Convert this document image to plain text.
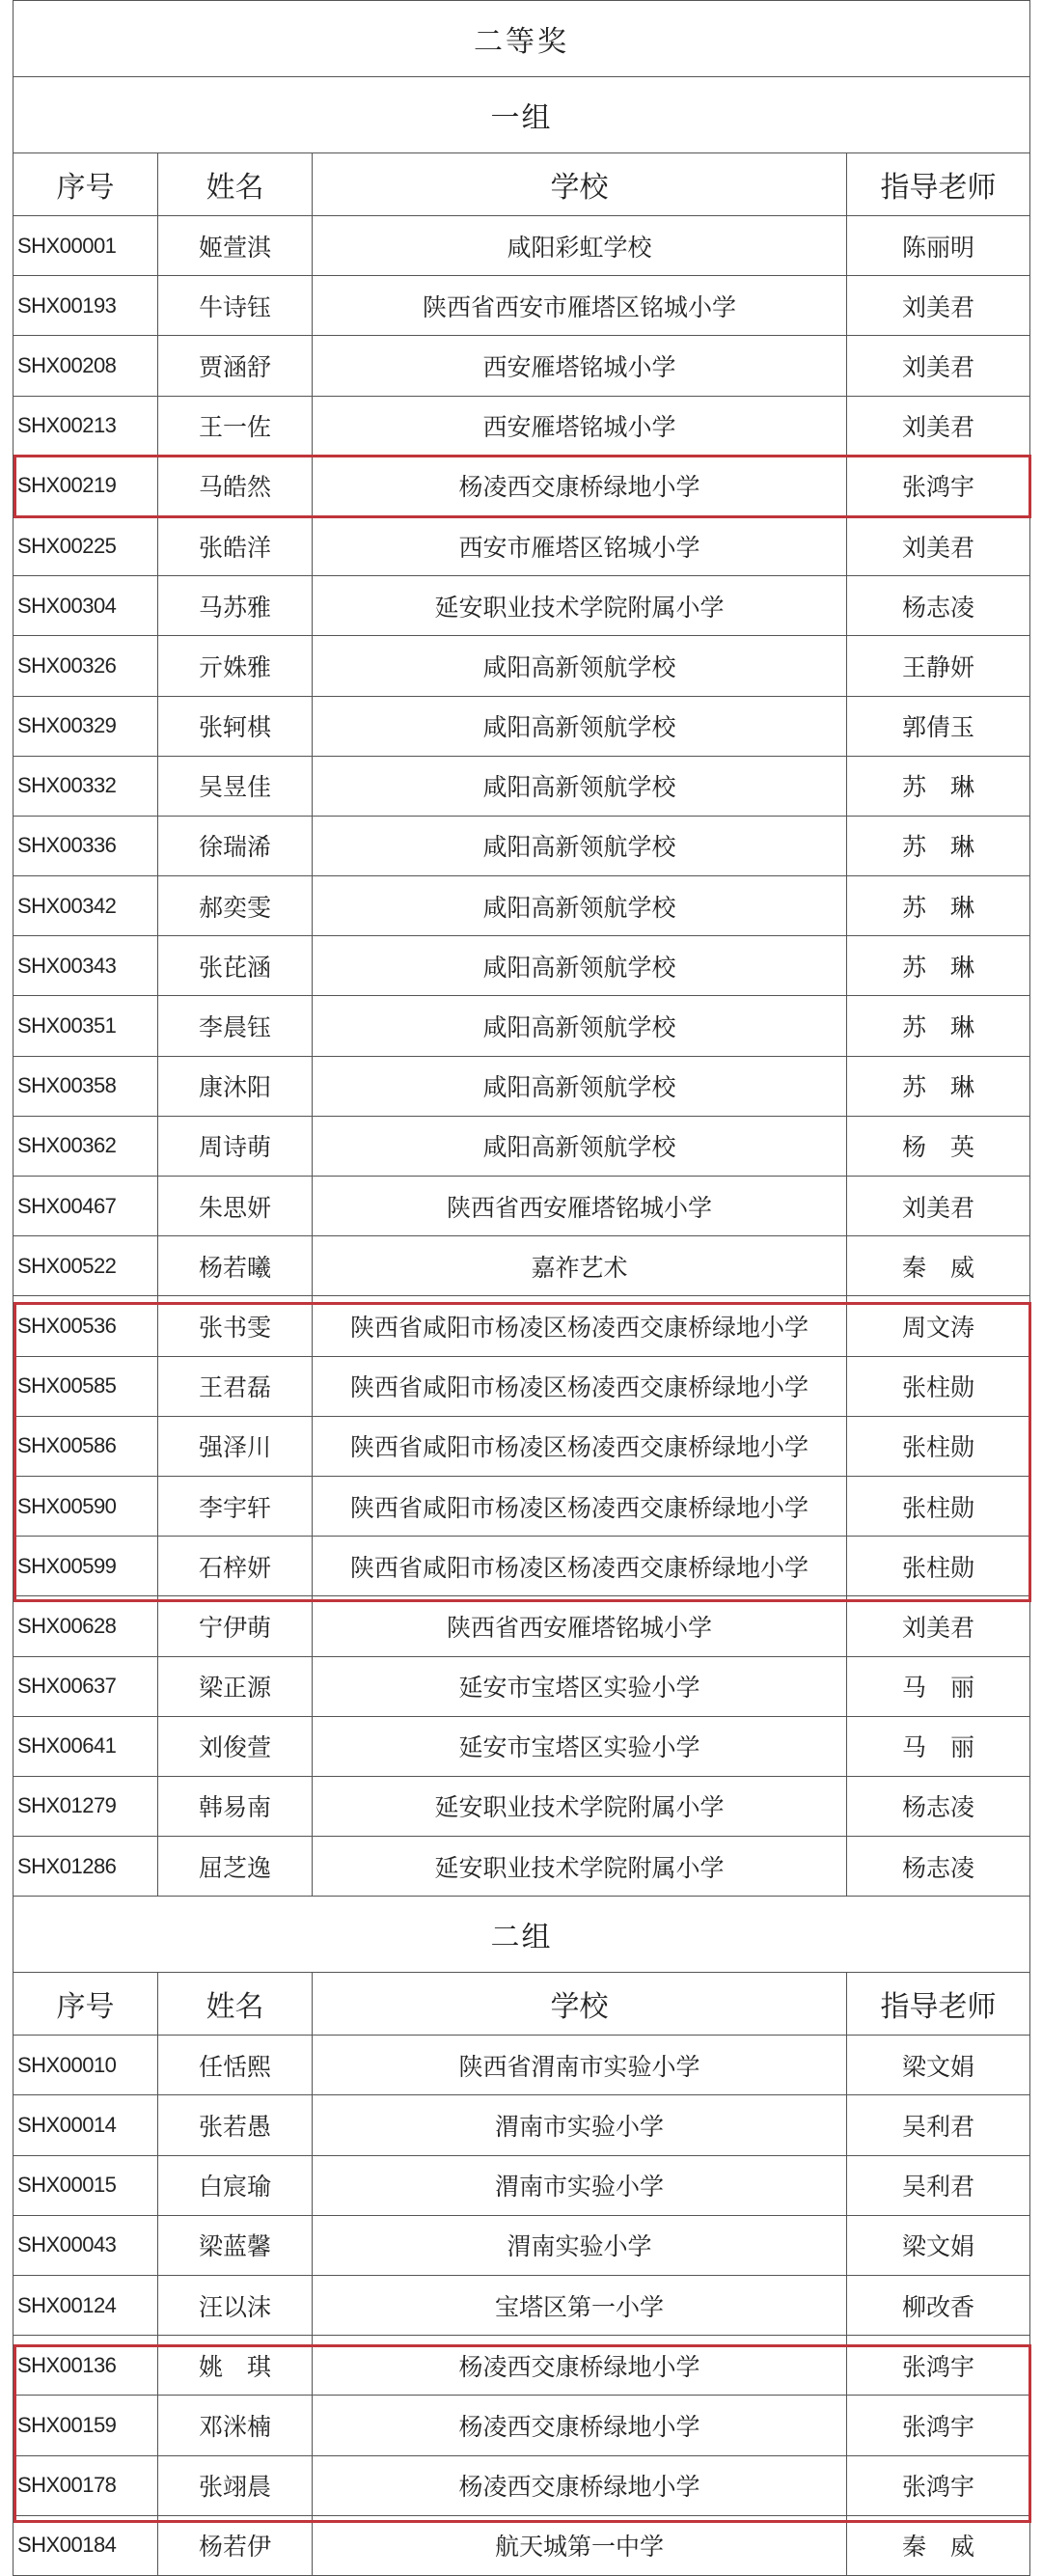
二等奖			
一组			
序号	姓名	学校	指导老师
SHX00001	姬萱淇	咸阳彩虹学校	陈丽明
SHX00193	牛诗钰	陕西省西安市雁塔区铭城小学	刘美君
SHX00208	贾涵舒	西安雁塔铭城小学	刘美君
SHX00213	王一佐	西安雁塔铭城小学	刘美君
SHX00219	马皓然	杨凌西交康桥绿地小学	张鸿宇
SHX00225	张皓洋	西安市雁塔区铭城小学	刘美君
SHX00304	马苏雅	延安职业技术学院附属小学	杨志凌
SHX00326	亓姝雅	咸阳高新领航学校	王静妍
SHX00329	张轲棋	咸阳高新领航学校	郭倩玉
SHX00332	吴昱佳	咸阳高新领航学校	苏　琳
SHX00336	徐瑞浠	咸阳高新领航学校	苏　琳
SHX00342	郝奕雯	咸阳高新领航学校	苏　琳
SHX00343	张芘涵	咸阳高新领航学校	苏　琳
SHX00351	李晨钰	咸阳高新领航学校	苏　琳
SHX00358	康沐阳	咸阳高新领航学校	苏　琳
SHX00362	周诗萌	咸阳高新领航学校	杨　英
SHX00467	朱思妍	陕西省西安雁塔铭城小学	刘美君
SHX00522	杨若曦	嘉祚艺术	秦　威
SHX00536	张书雯	陕西省咸阳市杨凌区杨凌西交康桥绿地小学	周文涛
SHX00585	王君磊	陕西省咸阳市杨凌区杨凌西交康桥绿地小学	张柱勋
SHX00586	强泽川	陕西省咸阳市杨凌区杨凌西交康桥绿地小学	张柱勋
SHX00590	李宇轩	陕西省咸阳市杨凌区杨凌西交康桥绿地小学	张柱勋
SHX00599	石梓妍	陕西省咸阳市杨凌区杨凌西交康桥绿地小学	张柱勋
SHX00628	宁伊萌	陕西省西安雁塔铭城小学	刘美君
SHX00637	梁正源	延安市宝塔区实验小学	马　丽
SHX00641	刘俊萱	延安市宝塔区实验小学	马　丽
SHX01279	韩易南	延安职业技术学院附属小学	杨志凌
SHX01286	屈芝逸	延安职业技术学院附属小学	杨志凌
二组			
序号	姓名	学校	指导老师
SHX00010	任恬熙	陕西省渭南市实验小学	梁文娟
SHX00014	张若愚	渭南市实验小学	吴利君
SHX00015	白宸瑜	渭南市实验小学	吴利君
SHX00043	梁蓝馨	渭南实验小学	梁文娟
SHX00124	汪以沫	宝塔区第一小学	柳改香
SHX00136	姚　琪	杨凌西交康桥绿地小学	张鸿宇
SHX00159	邓洣楠	杨凌西交康桥绿地小学	张鸿宇
SHX00178	张翊晨	杨凌西交康桥绿地小学	张鸿宇
SHX00184	杨若伊	航天城第一中学	秦　威
